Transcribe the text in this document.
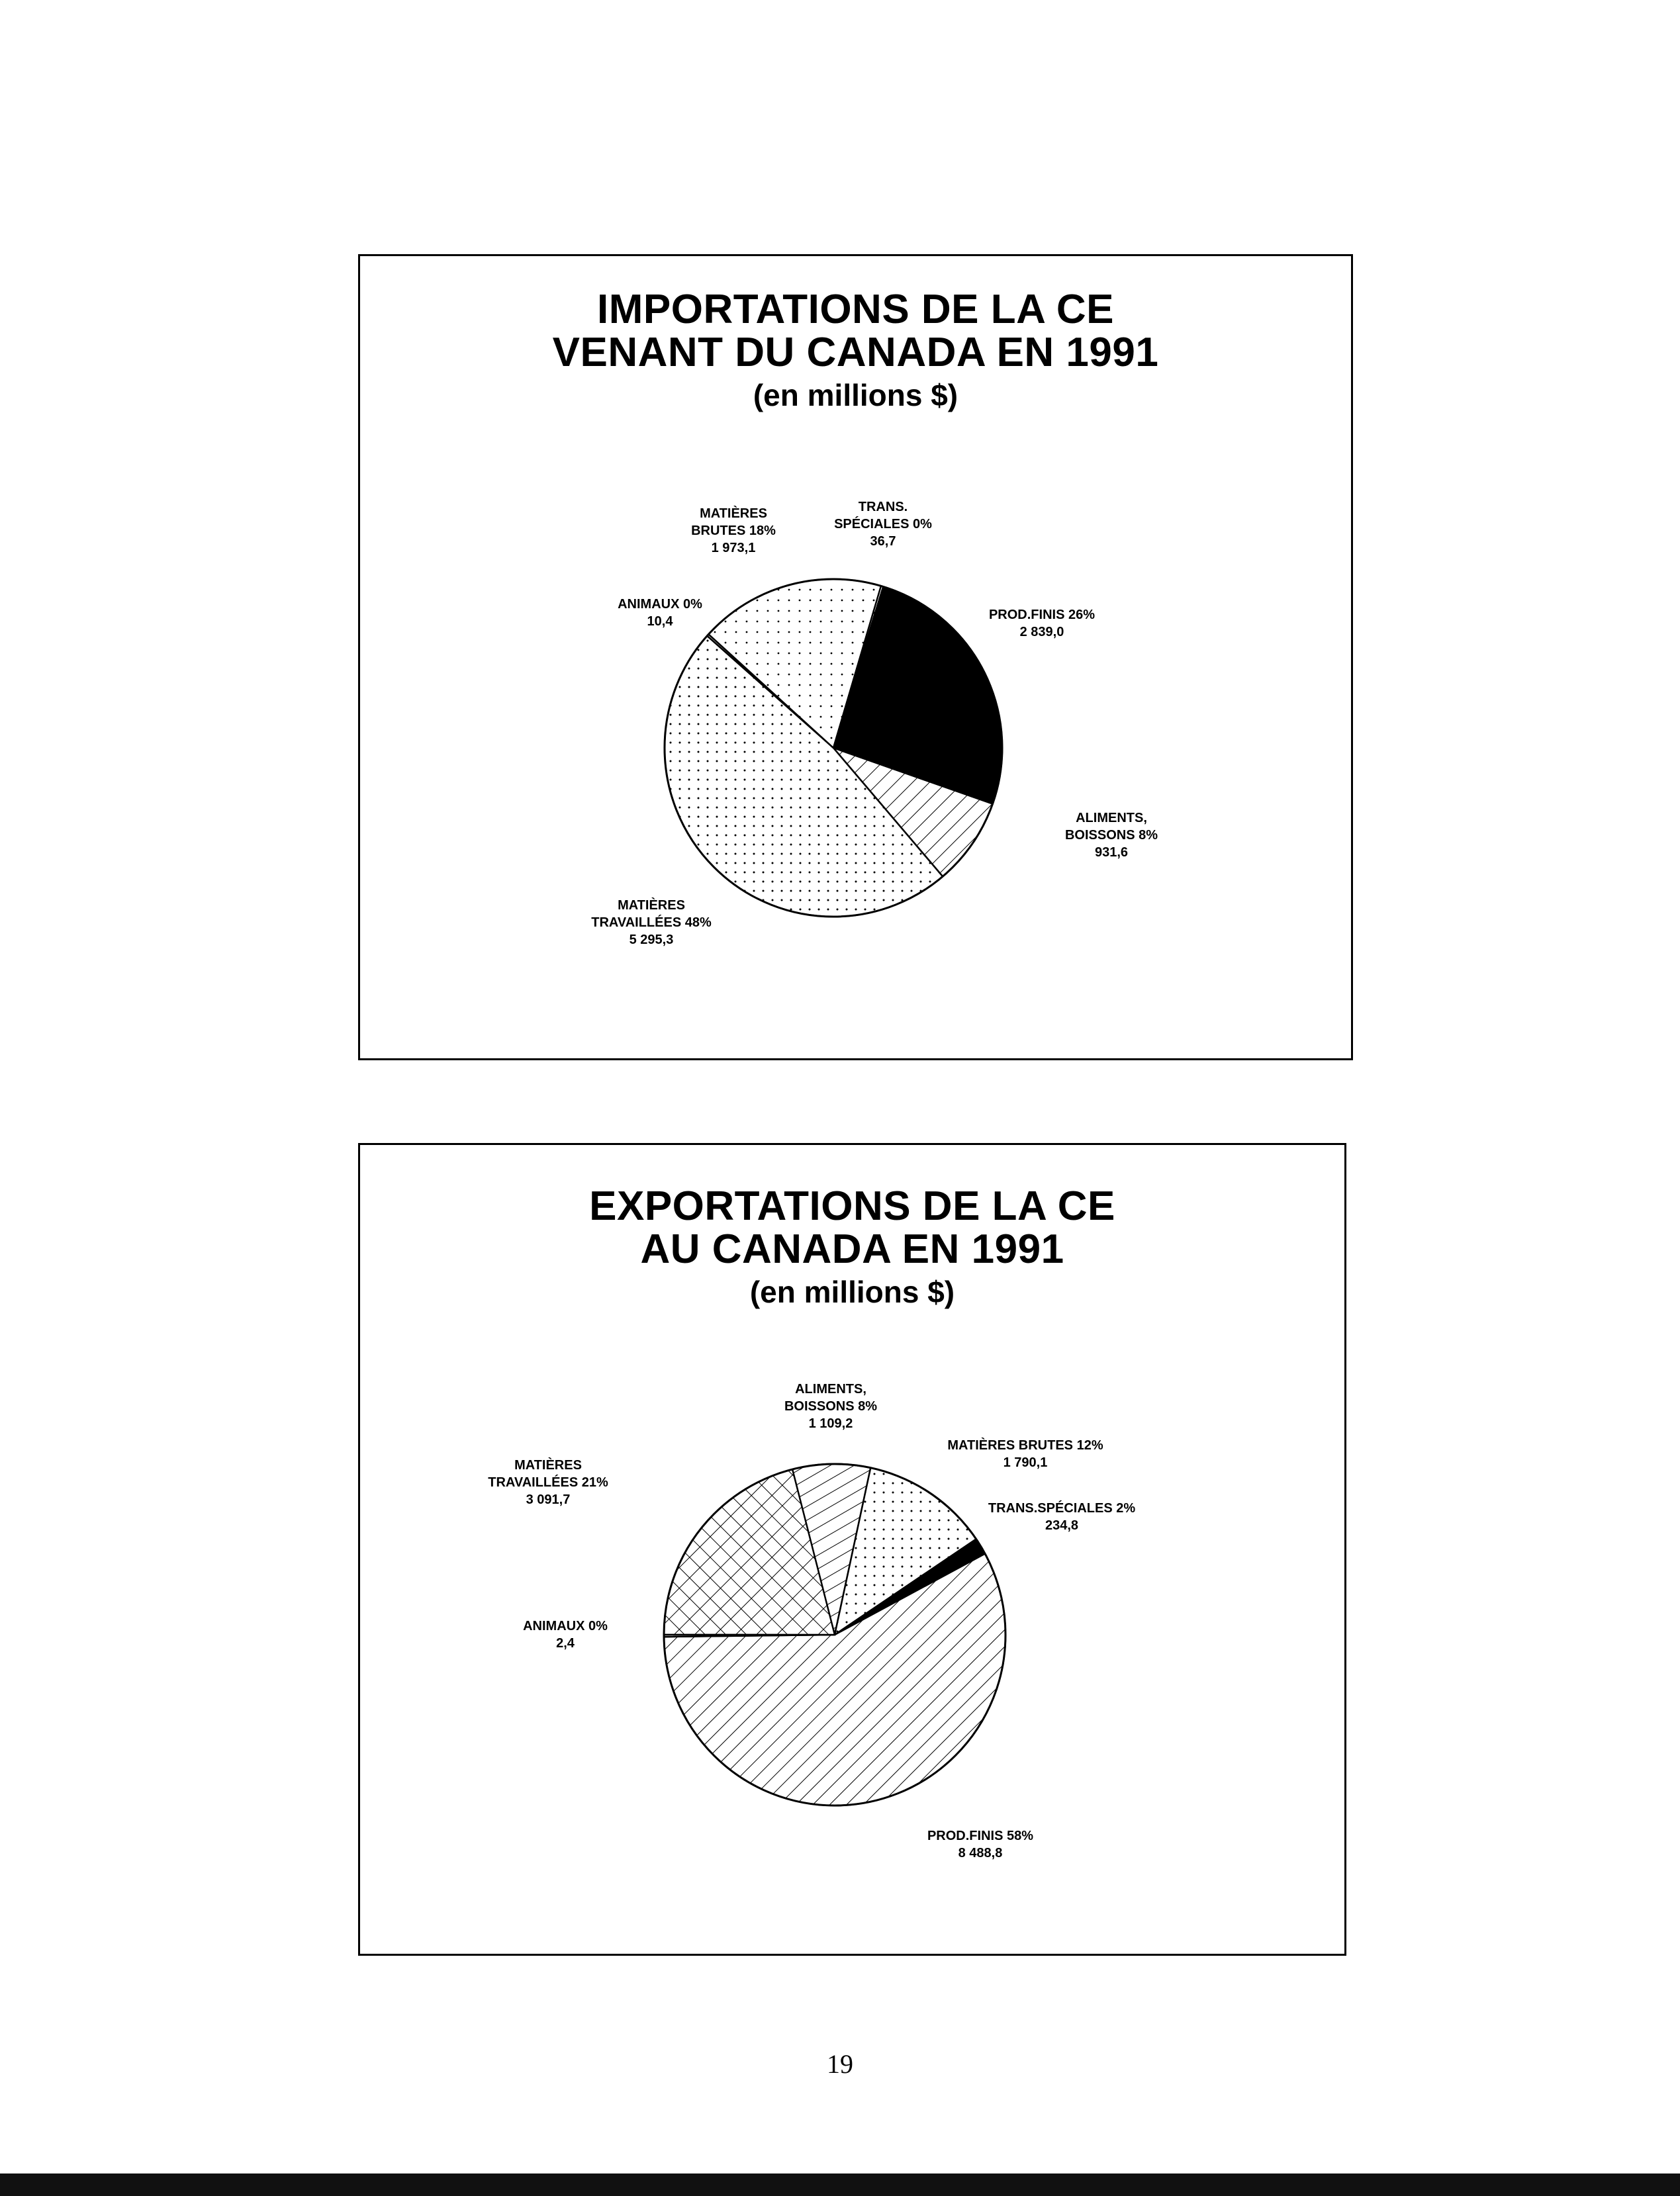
IMPORTATIONS DE LA CE
VENANT DU CANADA EN 1991
(en millions $)
TRANS. SPÉCIALES 0% 36,7
PROD.FINIS 26% 2 839,0
ALIMENTS, BOISSONS 8% 931,6
MATIÈRES TRAVAILLÉES 48% 5 295,3
ANIMAUX 0% 10,4
MATIÈRES BRUTES 18% 1 973,1
EXPORTATIONS DE LA CE
AU CANADA EN 1991
(en millions $)
ALIMENTS, BOISSONS 8% 1 109,2
MATIÈRES BRUTES 12% 1 790,1
TRANS.SPÉCIALES 2% 234,8
PROD.FINIS 58% 8 488,8
ANIMAUX 0% 2,4
MATIÈRES TRAVAILLÉES 21% 3 091,7
19
